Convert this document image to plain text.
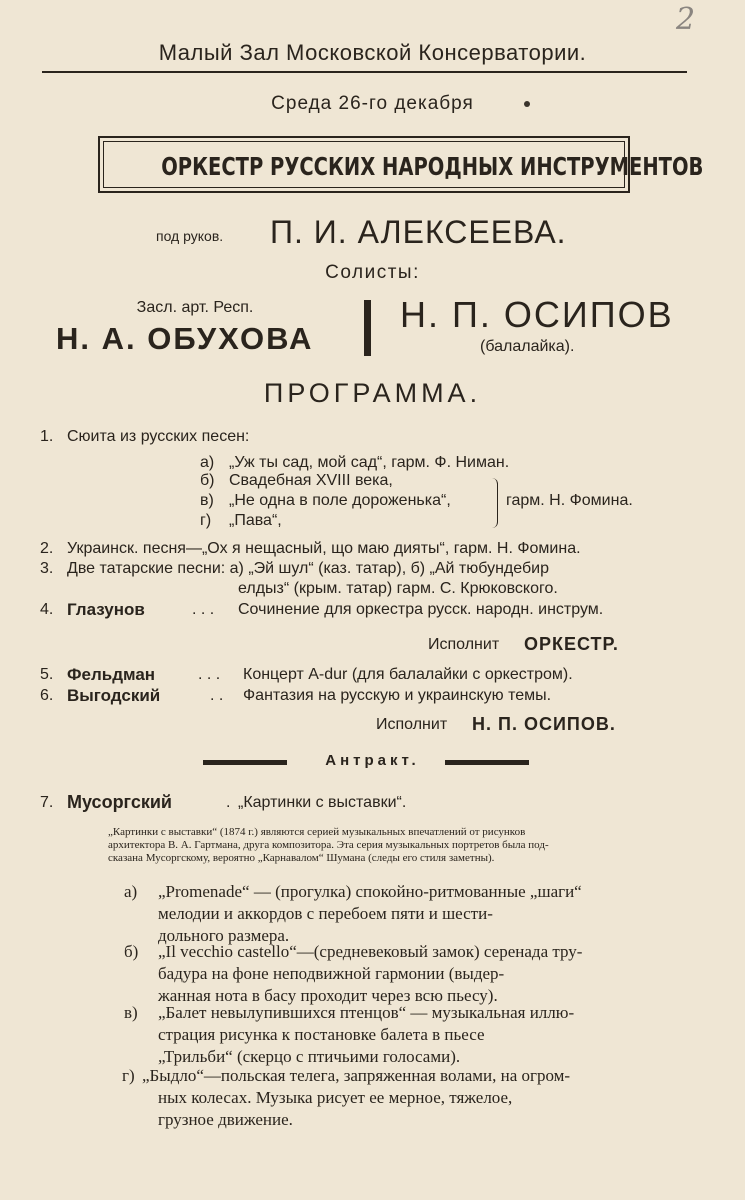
2
Малый Зал Московской Консерватории.
Среда 26-го декабря
ОРКЕСТР РУССКИХ НАРОДНЫХ ИНСТРУМЕНТОВ
под руков. П. И. АЛЕКСЕЕВА.
Солисты:
Засл. арт. Респ.
Н. А. ОБУХОВА
Н. П. ОСИПОВ
(балалайка).
ПРОГРАММА.
1. Сюита из русских песен:
а) „Уж ты сад, мой сад“, гарм. Ф. Ниман.
б) Свадебная XVIII века,
в) „Не одна в поле дороженька“,
г) „Пава“,
гарм. Н. Фомина.
2. Украинск. песня—„Ох я нещасный, що маю дияты“, гарм. Н. Фомина.
3. Две татарские песни: а) „Эй шул“ (каз. татар), б) „Ай тюбундебир
елдыз“ (крым. татар) гарм. С. Крюковского.
4. Глазунов	. . . Сочинение для оркестра русск. народн. инструм.
Исполнит ОРКЕСТР.
5. Фельдман	. . . Концерт A-dur (для балалайки с оркестром).
6. Выгодский	. . Фантазия на русскую и украинскую темы.
Исполнит Н. П. ОСИПОВ.
Антракт.
7. Мусоргский	. „Картинки с выставки“.
„Картинки с выставки“ (1874 г.) являются серией музыкальных впечатлений от рисунков
архитектора В. А. Гартмана, друга композитора. Эта серия музыкальных портретов была под-
сказана Мусоргскому, вероятно „Карнавалом“ Шумана (следы его стиля заметны).
а) „Promenade“ — (прогулка) спокойно-ритмованные „шаги“
мелодии и аккордов с перебоем пяти и шести-
дольного размера.
б) „Il vecchio castello“—(средневековый замок) серенада тру-
бадура на фоне неподвижной гармонии (выдер-
жанная нота в басу проходит через всю пьесу).
в) „Балет невылупившихся птенцов“ — музыкальная иллю-
страция рисунка к постановке балета в пьесе
„Трильби“ (скерцо с птичьими голосами).
г) „Быдло“—польская телега, запряженная волами, на огром-
ных колесах. Музыка рисует ее мерное, тяжелое,
грузное движение.
